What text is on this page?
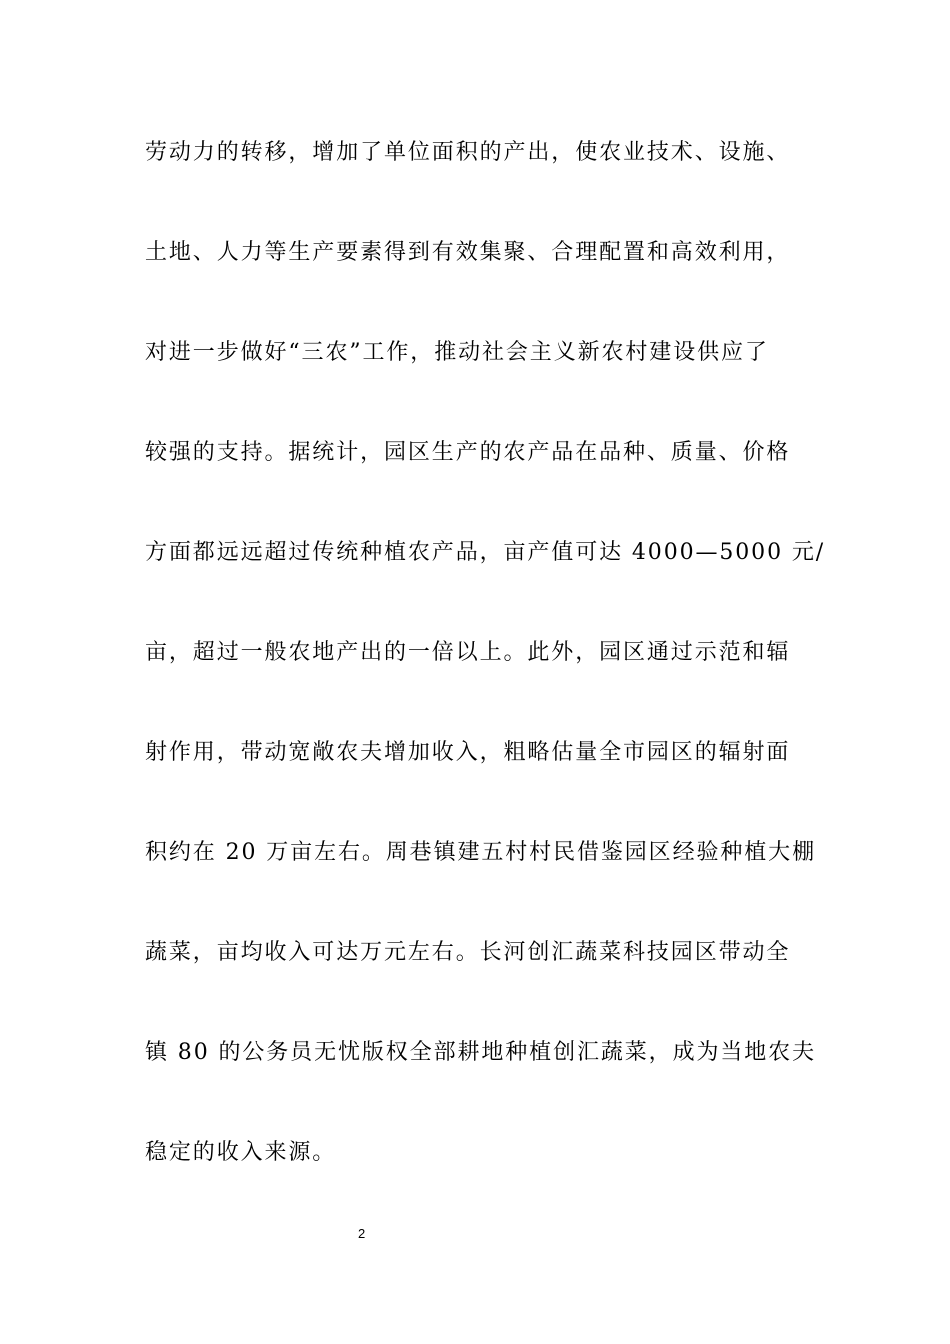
劳动力的转移，增加了单位面积的产出，使农业技术、设施、
土地、人力等生产要素得到有效集聚、合理配置和高效利用，
对进一步做好“三农”工作，推动社会主义新农村建设供应了
较强的支持。据统计，园区生产的农产品在品种、质量、价格
方面都远远超过传统种植农产品，亩产值可达 4000—5000 元/
亩，超过一般农地产出的一倍以上。此外，园区通过示范和辐
射作用，带动宽敞农夫增加收入，粗略估量全市园区的辐射面
积约在 20 万亩左右。周巷镇建五村村民借鉴园区经验种植大棚
蔬菜，亩均收入可达万元左右。长河创汇蔬菜科技园区带动全
镇 80 的公务员无忧版权全部耕地种植创汇蔬菜，成为当地农夫
稳定的收入来源。
2
